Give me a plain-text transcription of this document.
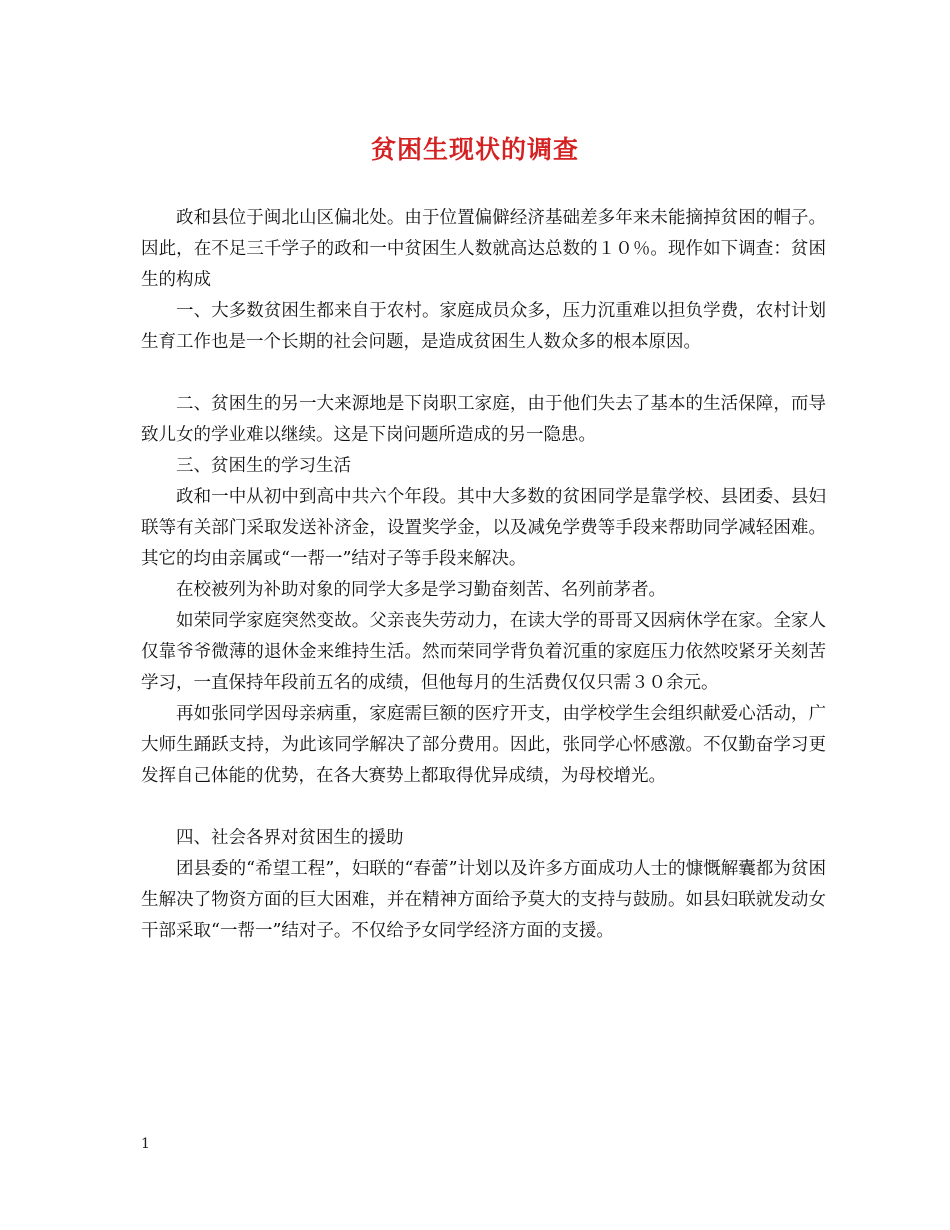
贫困生现状的调查

政和县位于闽北山区偏北处。由于位置偏僻经济基础差多年来未能摘掉贫困的帽子。因此，在不足三千学子的政和一中贫困生人数就高达总数的１０％。现作如下调查：贫困生的构成

一、大多数贫困生都来自于农村。家庭成员众多，压力沉重难以担负学费，农村计划生育工作也是一个长期的社会问题，是造成贫困生人数众多的根本原因。

二、贫困生的另一大来源地是下岗职工家庭，由于他们失去了基本的生活保障，而导致儿女的学业难以继续。这是下岗问题所造成的另一隐患。

三、贫困生的学习生活

政和一中从初中到高中共六个年段。其中大多数的贫困同学是靠学校、县团委、县妇联等有关部门采取发送补济金，设置奖学金，以及减免学费等手段来帮助同学减轻困难。其它的均由亲属或“一帮一”结对子等手段来解决。

在校被列为补助对象的同学大多是学习勤奋刻苦、名列前茅者。

如荣同学家庭突然变故。父亲丧失劳动力，在读大学的哥哥又因病休学在家。全家人仅靠爷爷微薄的退休金来维持生活。然而荣同学背负着沉重的家庭压力依然咬紧牙关刻苦学习，一直保持年段前五名的成绩，但他每月的生活费仅仅只需３０余元。

再如张同学因母亲病重，家庭需巨额的医疗开支，由学校学生会组织献爱心活动，广大师生踊跃支持，为此该同学解决了部分费用。因此，张同学心怀感激。不仅勤奋学习更发挥自己体能的优势，在各大赛势上都取得优异成绩，为母校增光。

四、社会各界对贫困生的援助

团县委的“希望工程”，妇联的“春蕾”计划以及许多方面成功人士的慷慨解囊都为贫困生解决了物资方面的巨大困难，并在精神方面给予莫大的支持与鼓励。如县妇联就发动女干部采取“一帮一”结对子。不仅给予女同学经济方面的支援。

1
